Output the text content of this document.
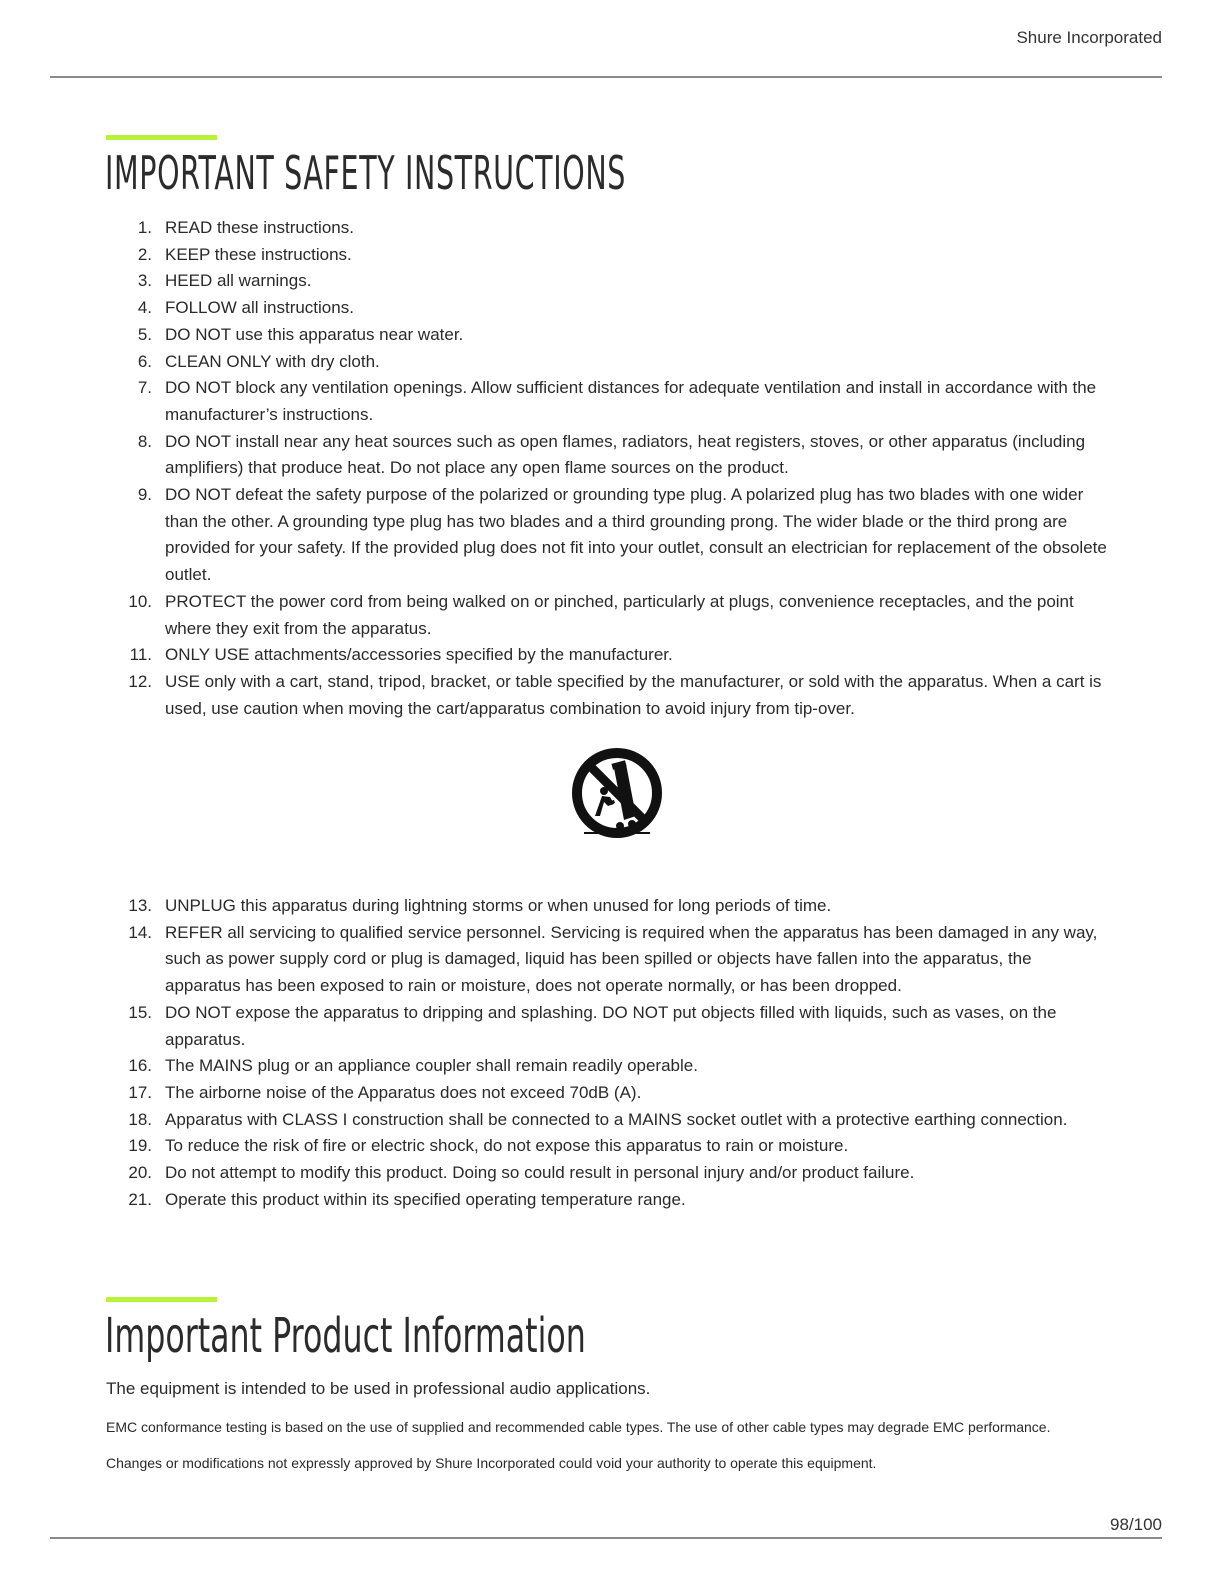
Shure Incorporated
IMPORTANT SAFETY INSTRUCTIONS
1. READ these instructions.
2. KEEP these instructions.
3. HEED all warnings.
4. FOLLOW all instructions.
5. DO NOT use this apparatus near water.
6. CLEAN ONLY with dry cloth.
7. DO NOT block any ventilation openings. Allow sufficient distances for adequate ventilation and install in accordance with the manufacturer’s instructions.
8. DO NOT install near any heat sources such as open flames, radiators, heat registers, stoves, or other apparatus (including amplifiers) that produce heat. Do not place any open flame sources on the product.
9. DO NOT defeat the safety purpose of the polarized or grounding type plug. A polarized plug has two blades with one wider than the other. A grounding type plug has two blades and a third grounding prong. The wider blade or the third prong are provided for your safety. If the provided plug does not fit into your outlet, consult an electrician for replacement of the obsolete outlet.
10. PROTECT the power cord from being walked on or pinched, particularly at plugs, convenience receptacles, and the point where they exit from the apparatus.
11. ONLY USE attachments/accessories specified by the manufacturer.
12. USE only with a cart, stand, tripod, bracket, or table specified by the manufacturer, or sold with the apparatus. When a cart is used, use caution when moving the cart/apparatus combination to avoid injury from tip-over.
13. UNPLUG this apparatus during lightning storms or when unused for long periods of time.
14. REFER all servicing to qualified service personnel. Servicing is required when the apparatus has been damaged in any way, such as power supply cord or plug is damaged, liquid has been spilled or objects have fallen into the apparatus, the apparatus has been exposed to rain or moisture, does not operate normally, or has been dropped.
15. DO NOT expose the apparatus to dripping and splashing. DO NOT put objects filled with liquids, such as vases, on the apparatus.
16. The MAINS plug or an appliance coupler shall remain readily operable.
17. The airborne noise of the Apparatus does not exceed 70dB (A).
18. Apparatus with CLASS I construction shall be connected to a MAINS socket outlet with a protective earthing connection.
19. To reduce the risk of fire or electric shock, do not expose this apparatus to rain or moisture.
20. Do not attempt to modify this product. Doing so could result in personal injury and/or product failure.
21. Operate this product within its specified operating temperature range.
Important Product Information

The equipment is intended to be used in professional audio applications.

EMC conformance testing is based on the use of supplied and recommended cable types. The use of other cable types may degrade EMC performance.

Changes or modifications not expressly approved by Shure Incorporated could void your authority to operate this equipment.

98/100
